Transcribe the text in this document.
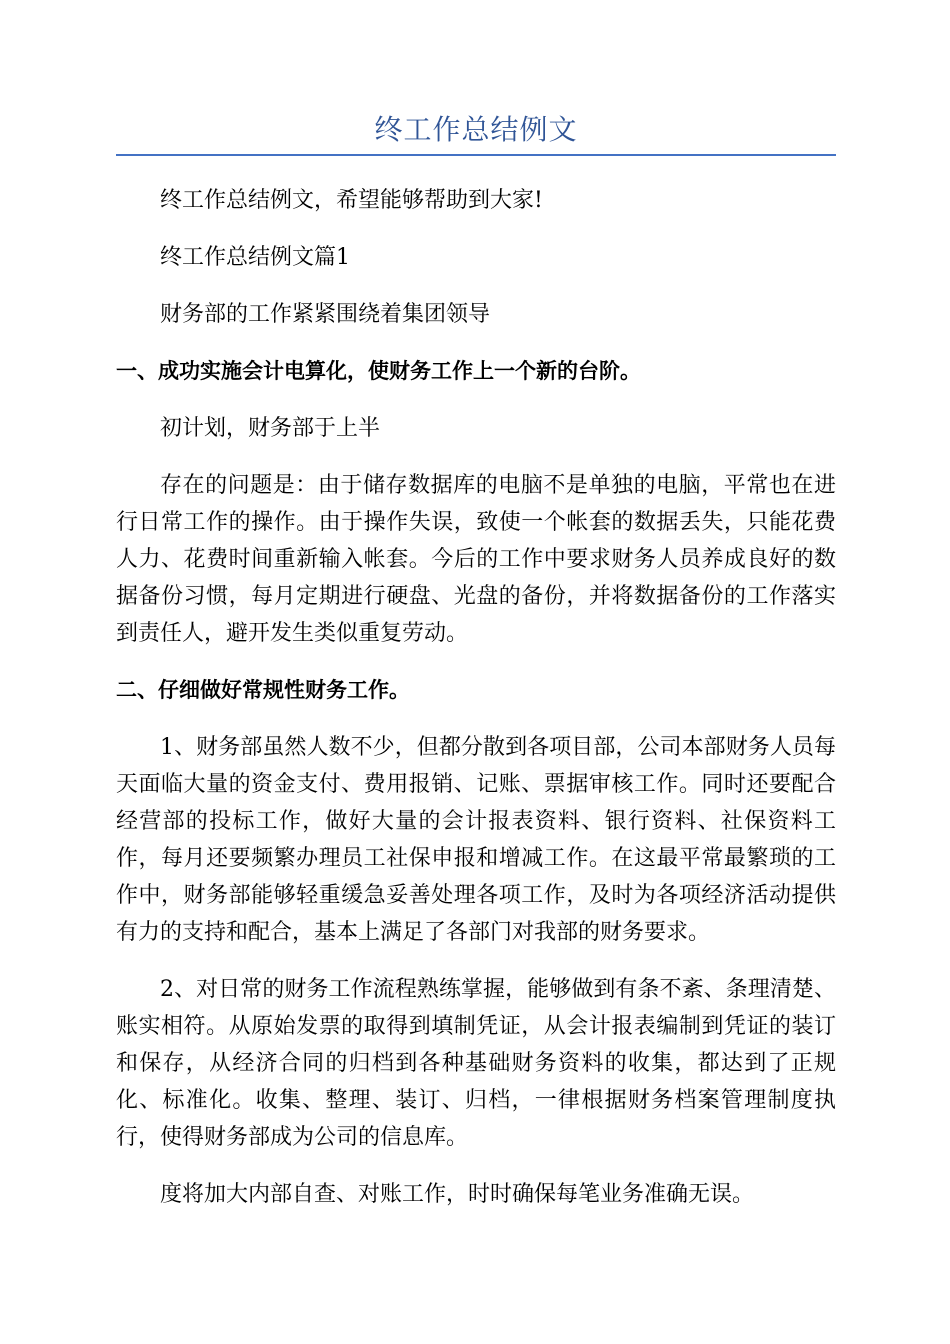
终工作总结例文

终工作总结例文，希望能够帮助到大家!

终工作总结例文篇1

财务部的工作紧紧围绕着集团领导

一、成功实施会计电算化，使财务工作上一个新的台阶。

初计划，财务部于上半

存在的问题是：由于储存数据库的电脑不是单独的电脑，平常也在进行日常工作的操作。由于操作失误，致使一个帐套的数据丢失，只能花费人力、花费时间重新输入帐套。今后的工作中要求财务人员养成良好的数据备份习惯，每月定期进行硬盘、光盘的备份，并将数据备份的工作落实到责任人，避开发生类似重复劳动。

二、仔细做好常规性财务工作。

1、财务部虽然人数不少，但都分散到各项目部，公司本部财务人员每天面临大量的资金支付、费用报销、记账、票据审核工作。同时还要配合经营部的投标工作，做好大量的会计报表资料、银行资料、社保资料工作，每月还要频繁办理员工社保申报和增减工作。在这最平常最繁琐的工作中，财务部能够轻重缓急妥善处理各项工作，及时为各项经济活动提供有力的支持和配合，基本上满足了各部门对我部的财务要求。

2、对日常的财务工作流程熟练掌握，能够做到有条不紊、条理清楚、账实相符。从原始发票的取得到填制凭证，从会计报表编制到凭证的装订和保存，从经济合同的归档到各种基础财务资料的收集，都达到了正规化、标准化。收集、整理、装订、归档，一律根据财务档案管理制度执行，使得财务部成为公司的信息库。

度将加大内部自查、对账工作，时时确保每笔业务准确无误。
